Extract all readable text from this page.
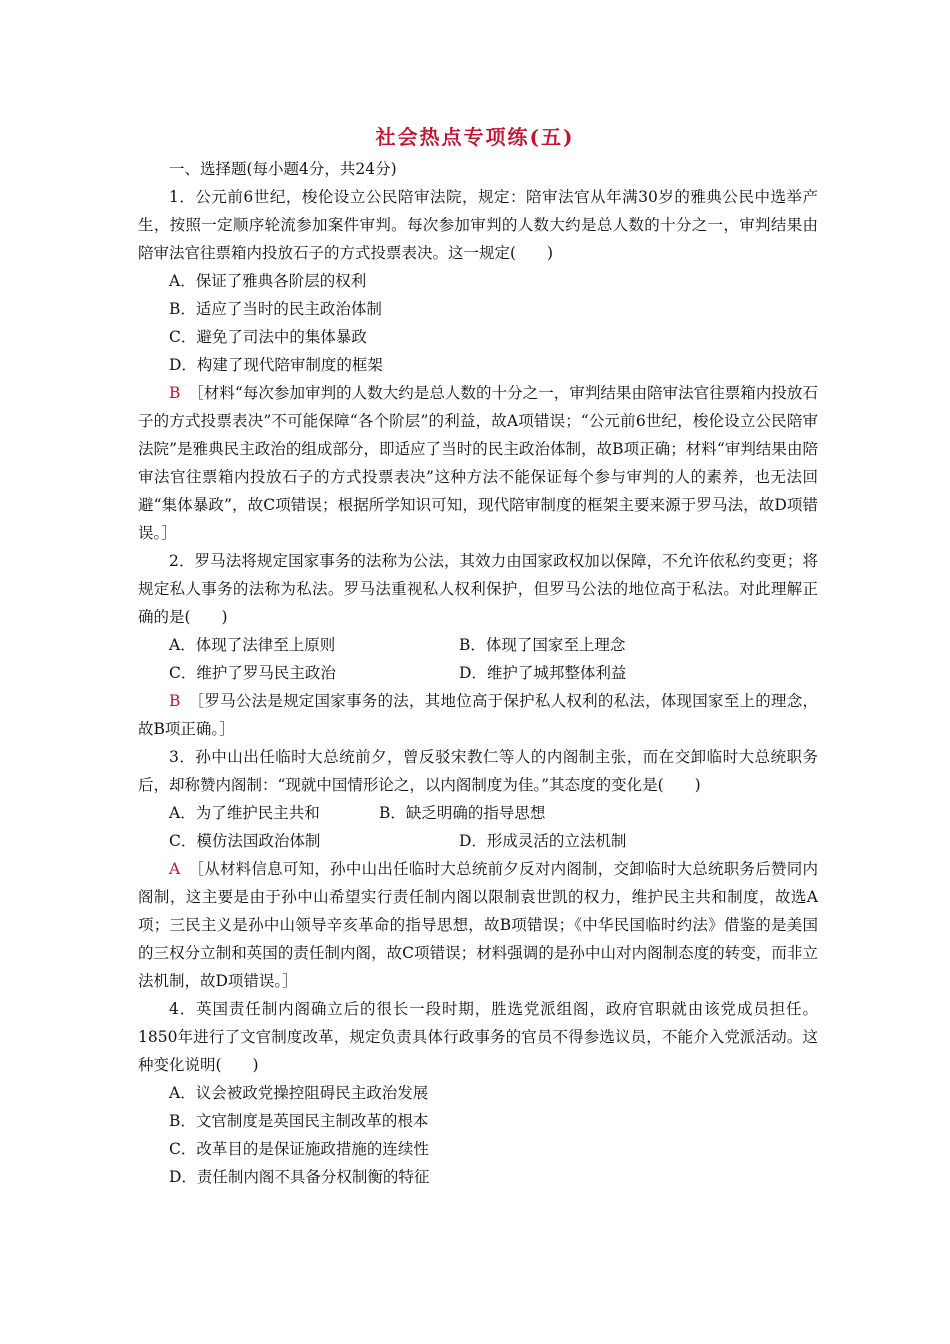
社会热点专项练(五)

一、选择题(每小题4分，共24分)

1．公元前6世纪，梭伦设立公民陪审法院，规定：陪审法官从年满30岁的雅典公民中选举产生，按照一定顺序轮流参加案件审判。每次参加审判的人数大约是总人数的十分之一，审判结果由陪审法官往票箱内投放石子的方式投票表决。这一规定(　　)

A．保证了雅典各阶层的权利

B．适应了当时的民主政治体制

C．避免了司法中的集体暴政

D．构建了现代陪审制度的框架

B　 ［材料“每次参加审判的人数大约是总人数的十分之一，审判结果由陪审法官往票箱内投放石子的方式投票表决”不可能保障“各个阶层”的利益，故A项错误；“公元前6世纪，梭伦设立公民陪审法院”是雅典民主政治的组成部分，即适应了当时的民主政治体制，故B项正确；材料“审判结果由陪审法官往票箱内投放石子的方式投票表决”这种方法不能保证每个参与审判的人的素养，也无法回避“集体暴政”，故C项错误；根据所学知识可知，现代陪审制度的框架主要来源于罗马法，故D项错误。］

2．罗马法将规定国家事务的法称为公法，其效力由国家政权加以保障，不允许依私约变更；将规定私人事务的法称为私法。罗马法重视私人权利保护，但罗马公法的地位高于私法。对此理解正确的是(　　)

A．体现了法律至上原则	B．体现了国家至上理念
C．维护了罗马民主政治	D．维护了城邦整体利益

B　 ［罗马公法是规定国家事务的法，其地位高于保护私人权利的私法，体现国家至上的理念，故B项正确。］

3．孙中山出任临时大总统前夕，曾反驳宋教仁等人的内阁制主张，而在交卸临时大总统职务后，却称赞内阁制：“现就中国情形论之，以内阁制度为佳。”其态度的变化是(　　)

A．为了维护民主共和	B．缺乏明确的指导思想
C．模仿法国政治体制	D．形成灵活的立法机制

A　 ［从材料信息可知，孙中山出任临时大总统前夕反对内阁制，交卸临时大总统职务后赞同内阁制，这主要是由于孙中山希望实行责任制内阁以限制袁世凯的权力，维护民主共和制度，故选A项；三民主义是孙中山领导辛亥革命的指导思想，故B项错误；《中华民国临时约法》借鉴的是美国的三权分立制和英国的责任制内阁，故C项错误；材料强调的是孙中山对内阁制态度的转变，而非立法机制，故D项错误。］

4．英国责任制内阁确立后的很长一段时期，胜选党派组阁，政府官职就由该党成员担任。1850年进行了文官制度改革，规定负责具体行政事务的官员不得参选议员，不能介入党派活动。这种变化说明(　　)

A．议会被政党操控阻碍民主政治发展

B．文官制度是英国民主制改革的根本

C．改革目的是保证施政措施的连续性

D．责任制内阁不具备分权制衡的特征
